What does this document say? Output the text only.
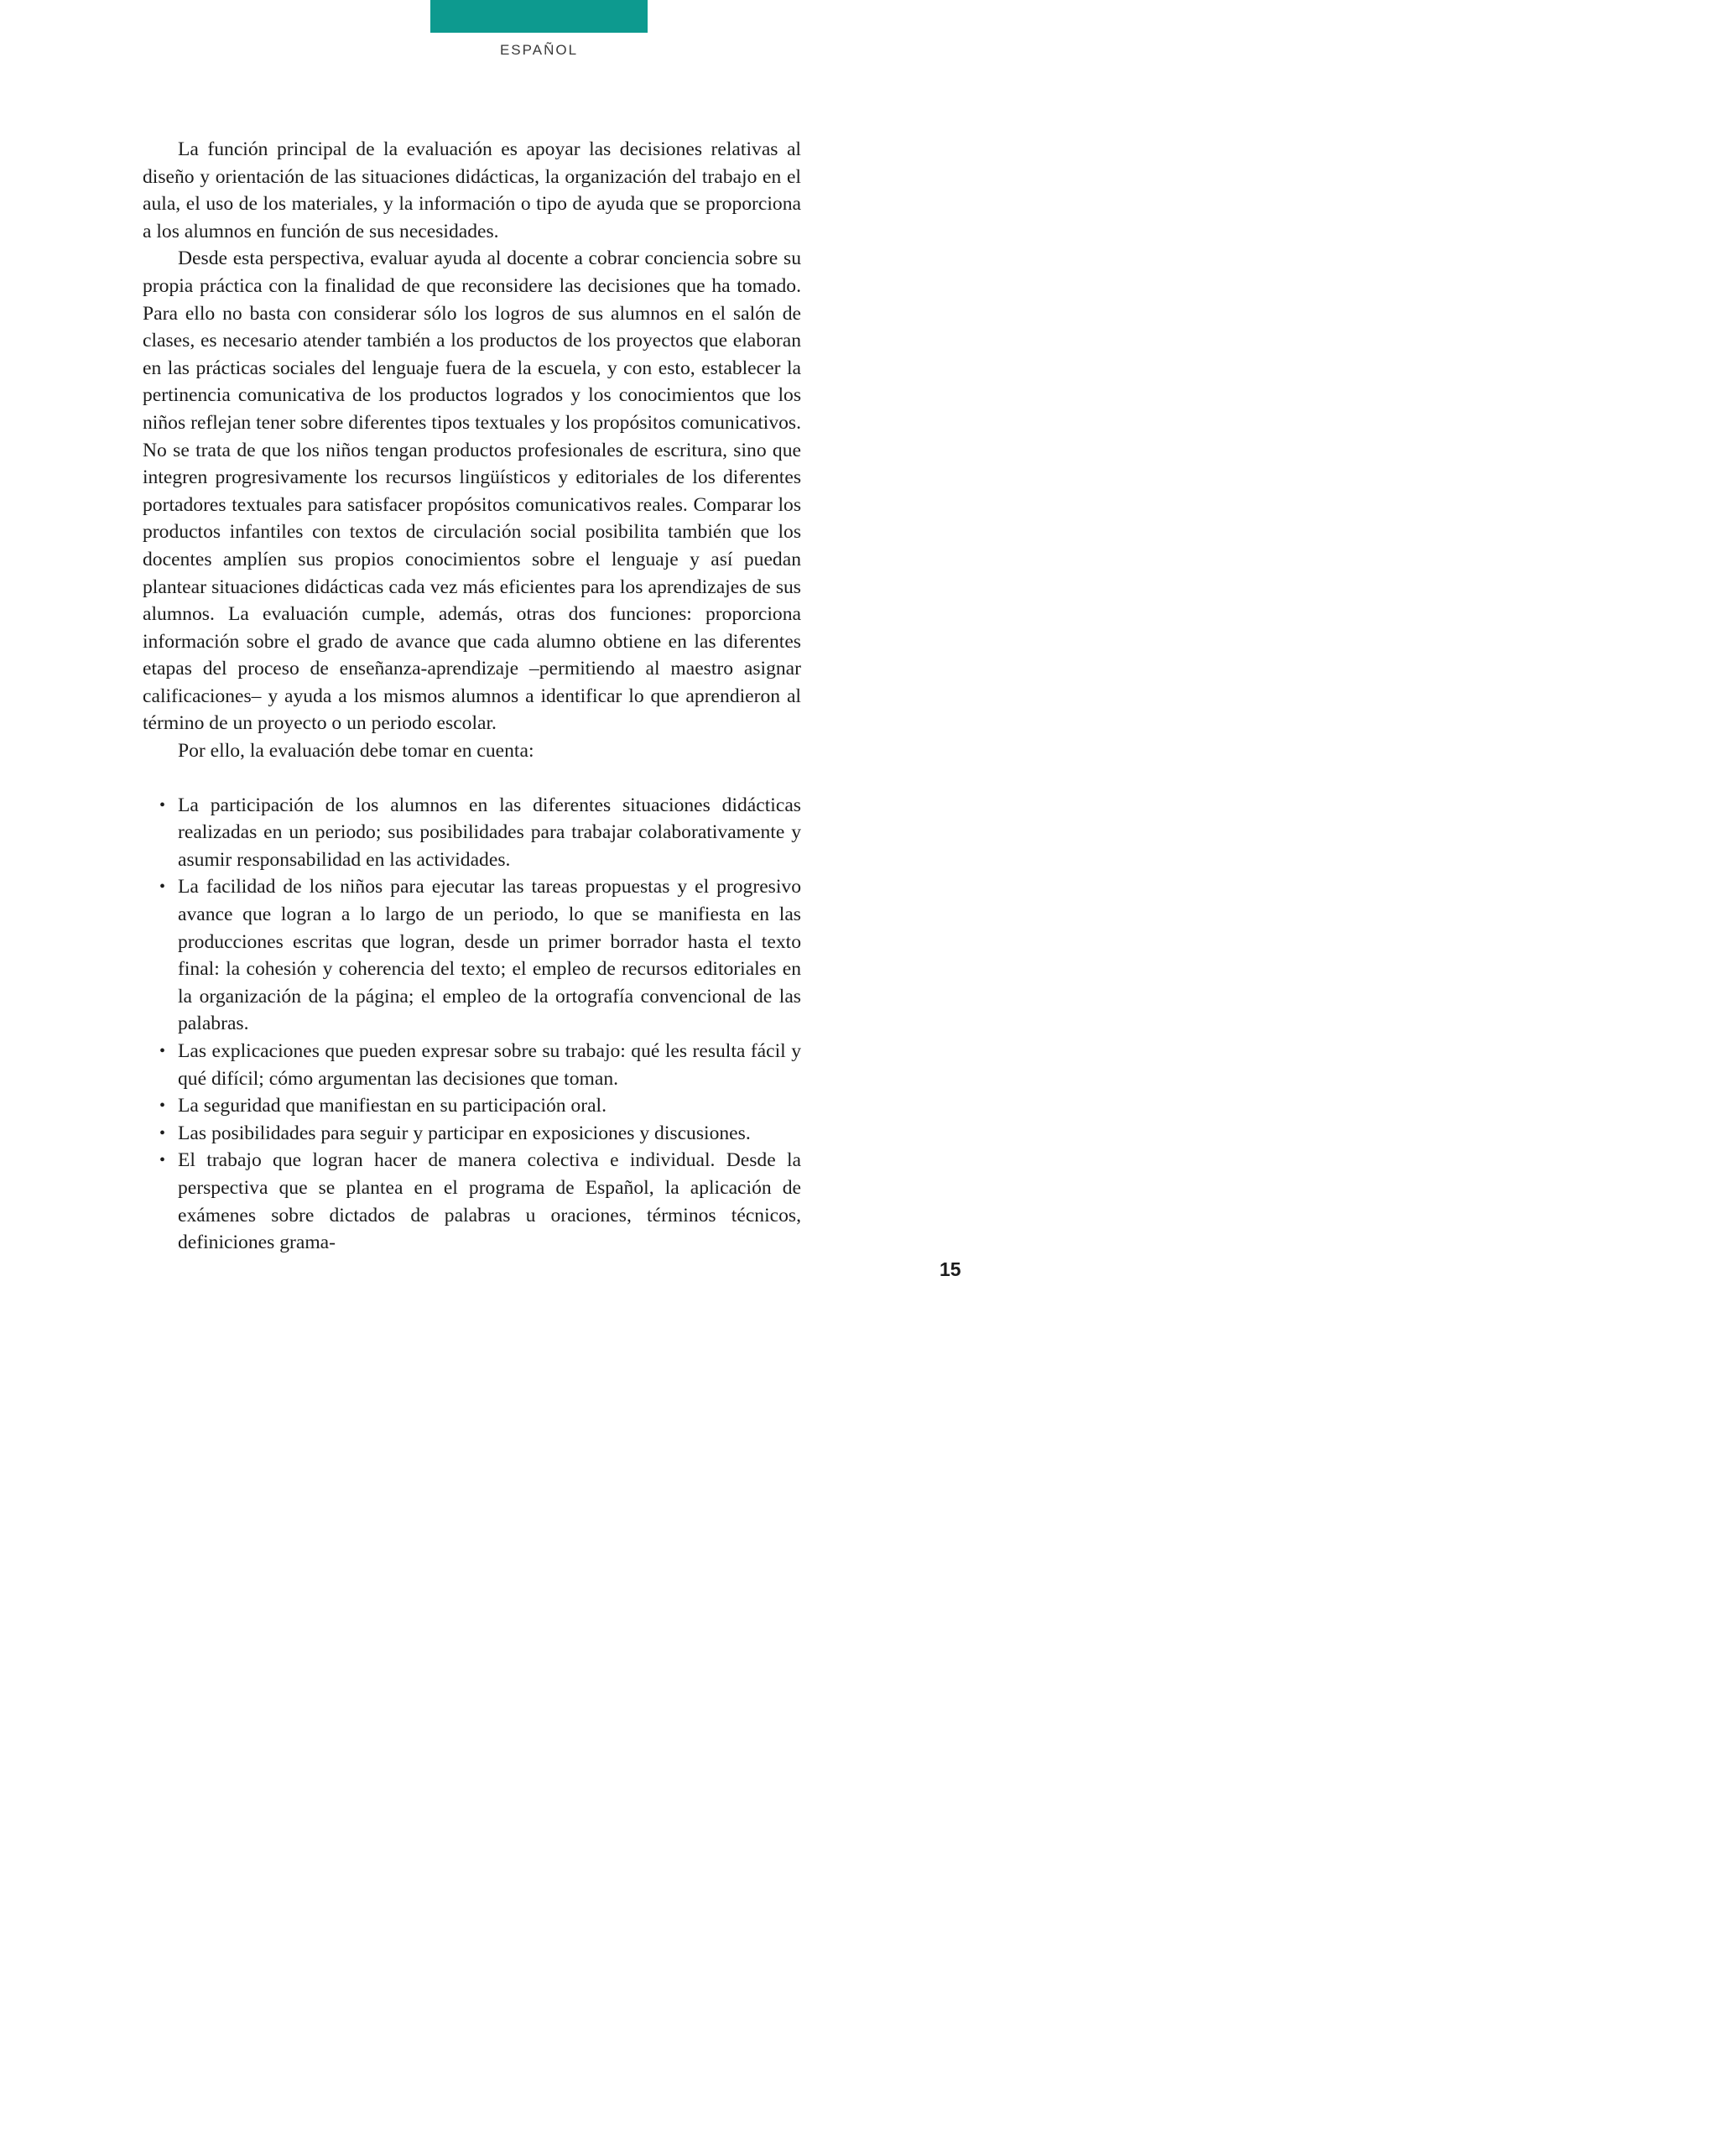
ESPAÑOL

La función principal de la evaluación es apoyar las decisiones relativas al diseño y orientación de las situaciones didácticas, la organización del trabajo en el aula, el uso de los materiales, y la información o tipo de ayuda que se proporciona a los alumnos en función de sus necesidades.

Desde esta perspectiva, evaluar ayuda al docente a cobrar conciencia sobre su propia práctica con la finalidad de que reconsidere las decisiones que ha tomado. Para ello no basta con considerar sólo los logros de sus alumnos en el salón de clases, es necesario atender también a los productos de los proyectos que elaboran en las prácticas sociales del lenguaje fuera de la escuela, y con esto, establecer la pertinencia comunicativa de los productos logrados y los conocimientos que los niños reflejan tener sobre diferentes tipos textuales y los propósitos comunicativos. No se trata de que los niños tengan productos profesionales de escritura, sino que integren progresivamente los recursos lingüísticos y editoriales de los diferentes portadores textuales para satisfacer propósitos comunicativos reales. Comparar los productos infantiles con textos de circulación social posibilita también que los docentes amplíen sus propios conocimientos sobre el lenguaje y así puedan plantear situaciones didácticas cada vez más eficientes para los aprendizajes de sus alumnos. La evaluación cumple, además, otras dos funciones: proporciona información sobre el grado de avance que cada alumno obtiene en las diferentes etapas del proceso de enseñanza-aprendizaje –permitiendo al maestro asignar calificaciones– y ayuda a los mismos alumnos a identificar lo que aprendieron al término de un proyecto o un periodo escolar.

Por ello, la evaluación debe tomar en cuenta:

• La participación de los alumnos en las diferentes situaciones didácticas realizadas en un periodo; sus posibilidades para trabajar colaborativamente y asumir responsabilidad en las actividades.
• La facilidad de los niños para ejecutar las tareas propuestas y el progresivo avance que logran a lo largo de un periodo, lo que se manifiesta en las producciones escritas que logran, desde un primer borrador hasta el texto final: la cohesión y coherencia del texto; el empleo de recursos editoriales en la organización de la página; el empleo de la ortografía convencional de las palabras.
• Las explicaciones que pueden expresar sobre su trabajo: qué les resulta fácil y qué difícil; cómo argumentan las decisiones que toman.
• La seguridad que manifiestan en su participación oral.
• Las posibilidades para seguir y participar en exposiciones y discusiones.
• El trabajo que logran hacer de manera colectiva e individual. Desde la perspectiva que se plantea en el programa de Español, la aplicación de exámenes sobre dictados de palabras u oraciones, términos técnicos, definiciones grama-
15
